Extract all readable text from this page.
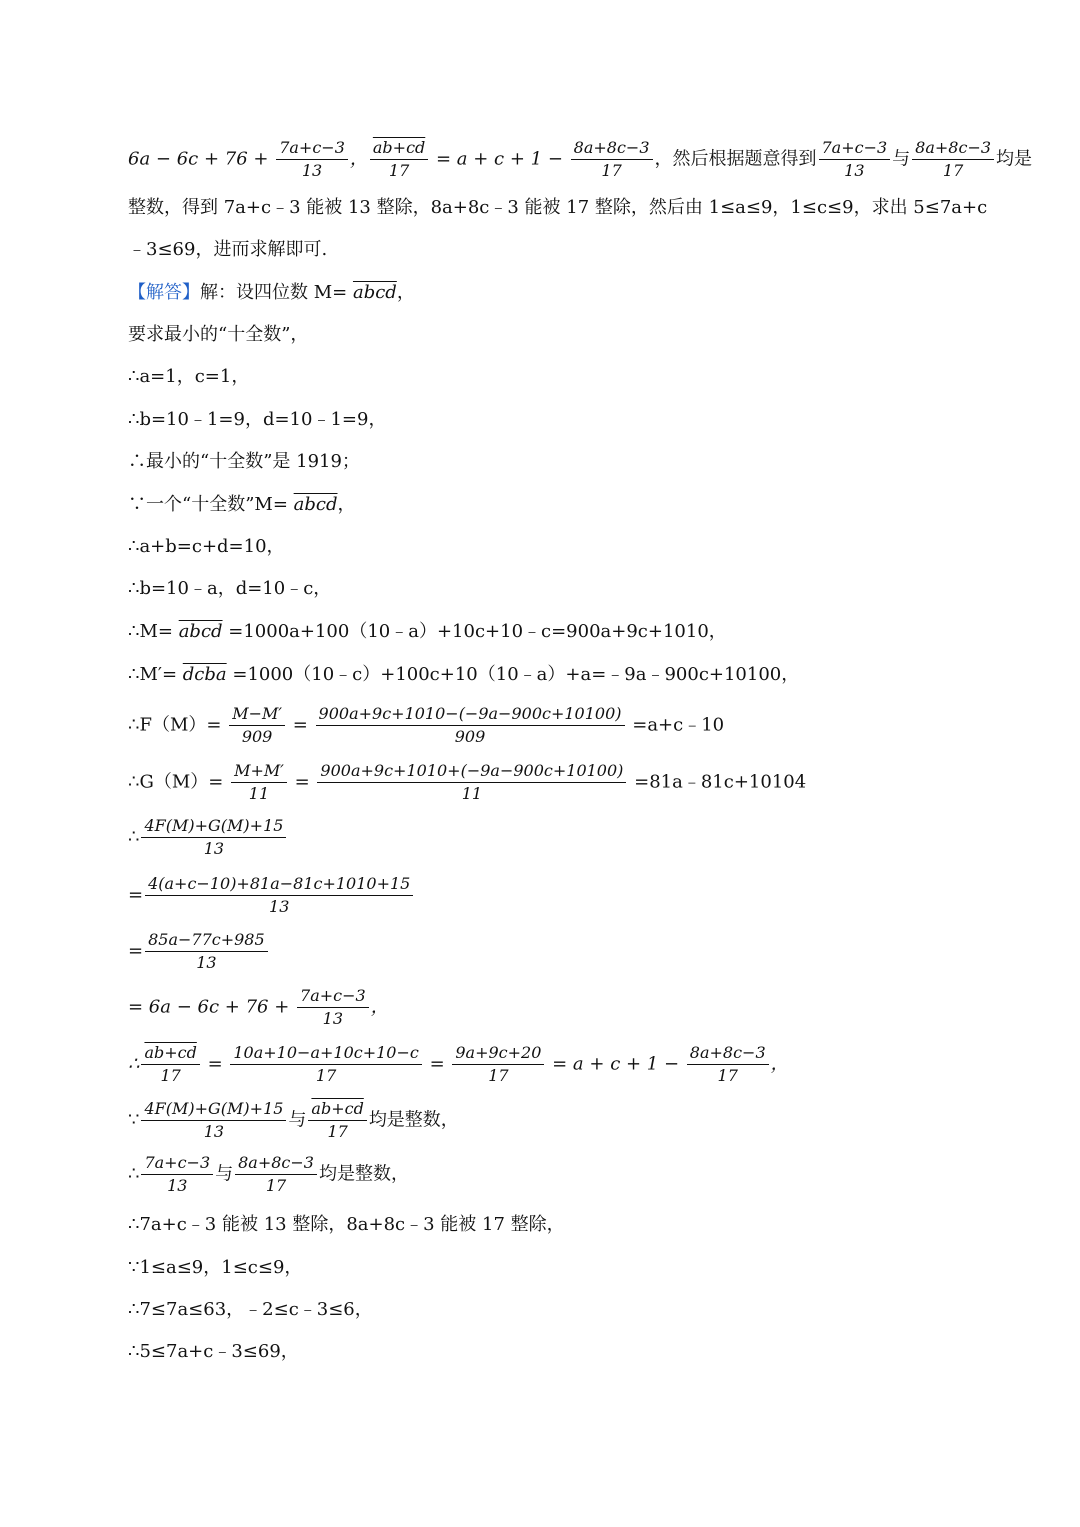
$6a - 6c + 76 + \frac{7a+c-3}{13}$ ， $\frac{ab+cd}{17} = a + c + 1 - \frac{8a+8c-3}{17}$ ，然后根据题意得到 $\frac{7a+c-3}{13}$ 与 $\frac{8a+8c-3}{17}$ 均是
整数，得到 7a+c﹣3 能被 13 整除，8a+8c﹣3 能被 17 整除，然后由 1≤a≤9，1≤c≤9，求出 5≤7a+c
﹣3≤69，进而求解即可.
【解答】解：设四位数 M= abcd，
要求最小的“十全数”，
∴a=1，c=1，
∴b=10﹣1=9，d=10﹣1=9，
∴最小的“十全数”是 1919；
∵一个“十全数”M= abcd，
∴a+b=c+d=10，
∴b=10﹣a，d=10﹣c，
∴M= abcd =1000a+100（10﹣a）+10c+10﹣c=900a+9c+1010，
∴M′= dcba =1000（10﹣c）+100c+10（10﹣a）+a=﹣9a﹣900c+10100，
∴F（M）= $\frac{M-M'}{909} = \frac{900a+9c+1010-(-9a-900c+10100)}{909}$ =a+c﹣10
∴G（M）= $\frac{M+M'}{11} = \frac{900a+9c+1010+(-9a-900c+10100)}{11}$ =81a﹣81c+10104
∴ $\frac{4F(M)+G(M)+15}{13}$
= $\frac{4(a+c-10)+81a-81c+1010+15}{13}$
= $\frac{85a-77c+985}{13}$
= $6a - 6c + 76 + \frac{7a+c-3}{13}$ ，
∴ $\frac{ab+cd}{17} = \frac{10a+10-a+10c+10-c}{17} = \frac{9a+9c+20}{17} = a + c + 1 - \frac{8a+8c-3}{17}$ ，
∵ $\frac{4F(M)+G(M)+15}{13}$ 与 $\frac{ab+cd}{17}$ 均是整数，
∴ $\frac{7a+c-3}{13}$ 与 $\frac{8a+8c-3}{17}$ 均是整数，
∴7a+c﹣3 能被 13 整除，8a+8c﹣3 能被 17 整除，
∵1≤a≤9，1≤c≤9，
∴7≤7a≤63，﹣2≤c﹣3≤6，
∴5≤7a+c﹣3≤69，
